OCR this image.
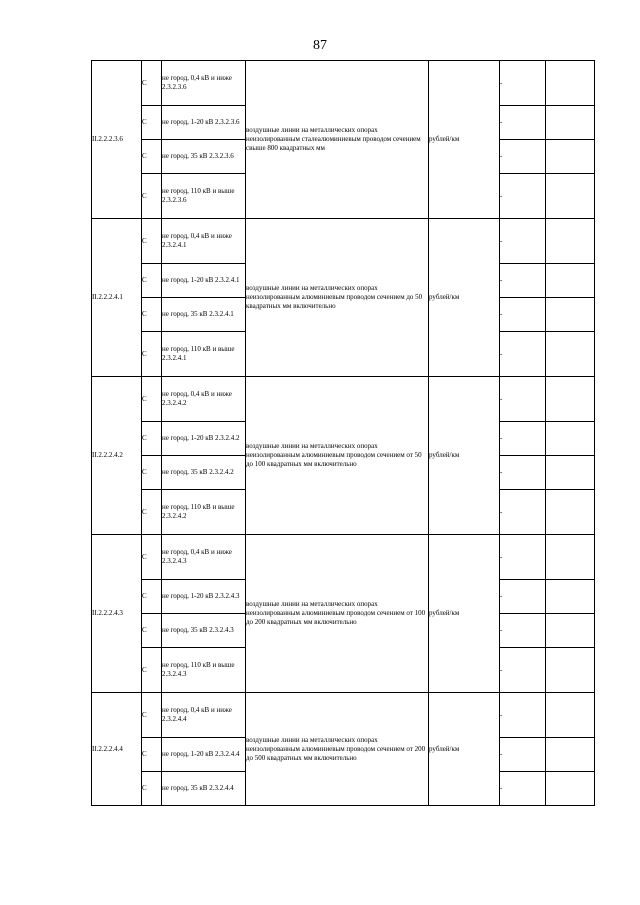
87
II.2.2.2.3.6	С	не город, 0,4 кВ и ниже 2.3.2.3.6	воздушные линии на металлических опорах неизолированным сталеалюминиевым проводом сечением свыше 800 квадратных мм	рублей/км	-	
	С	не город, 1-20 кВ 2.3.2.3.6			-	
	С	не город, 35 кВ 2.3.2.3.6			-	
	С	не город, 110 кВ и выше 2.3.2.3.6			-	
II.2.2.2.4.1	С	не город, 0,4 кВ и ниже 2.3.2.4.1	воздушные линии на металлических опорах неизолированным алюминиевым проводом сечением до 50 квадратных мм включительно	рублей/км	-	
	С	не город, 1-20 кВ 2.3.2.4.1			-	
	С	не город, 35 кВ 2.3.2.4.1			-	
	С	не город, 110 кВ и выше 2.3.2.4.1			-	
II.2.2.2.4.2	С	не город, 0,4 кВ и ниже 2.3.2.4.2	воздушные линии на металлических опорах неизолированным алюминиевым проводом сечением от 50 до 100 квадратных мм включительно	рублей/км	-	
	С	не город, 1-20 кВ 2.3.2.4.2			-	
	С	не город, 35 кВ 2.3.2.4.2			-	
	С	не город, 110 кВ и выше 2.3.2.4.2			-	
II.2.2.2.4.3	С	не город, 0,4 кВ и ниже 2.3.2.4.3	воздушные линии на металлических опорах неизолированным алюминиевым проводом сечением от 100 до 200 квадратных мм включительно	рублей/км	-	
	С	не город, 1-20 кВ 2.3.2.4.3			-	
	С	не город, 35 кВ 2.3.2.4.3			-	
	С	не город, 110 кВ и выше 2.3.2.4.3			-	
II.2.2.2.4.4	С	не город, 0,4 кВ и ниже 2.3.2.4.4	воздушные линии на металлических опорах неизолированным алюминиевым проводом сечением от 200 до 500 квадратных мм включительно	рублей/км	-	
	С	не город, 1-20 кВ 2.3.2.4.4			-	
	С	не город, 35 кВ 2.3.2.4.4			-	
